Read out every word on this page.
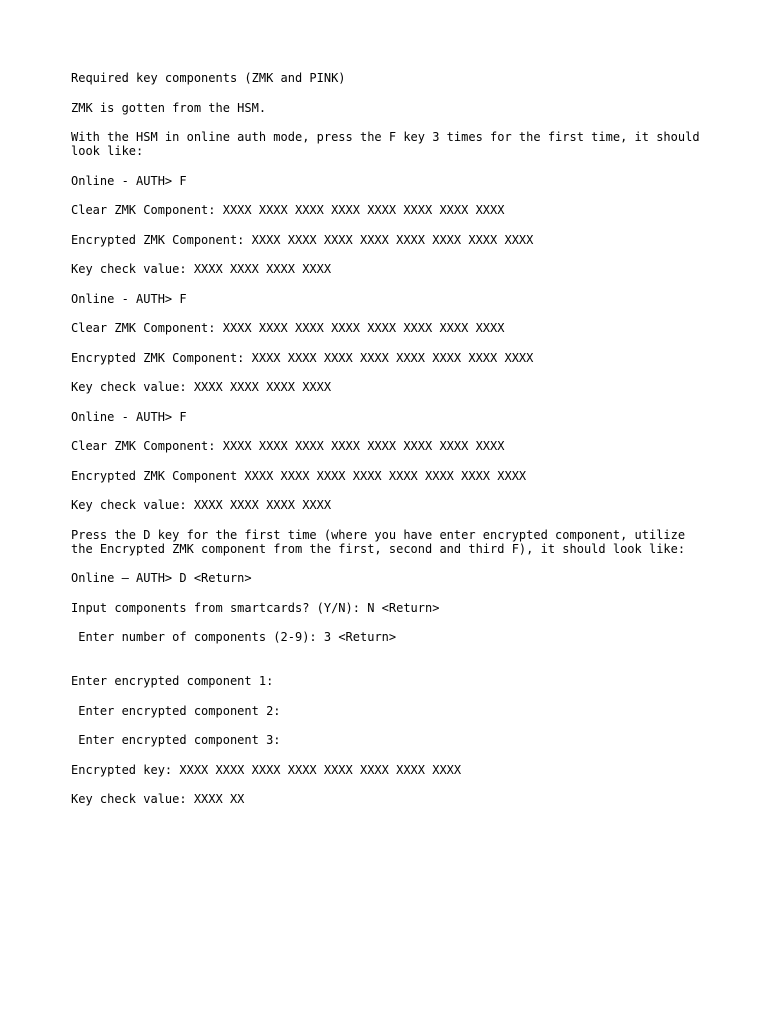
Required key components (ZMK and PINK)

ZMK is gotten from the HSM.

With the HSM in online auth mode, press the F key 3 times for the first time, it should look like:

Online - AUTH> F

Clear ZMK Component: XXXX XXXX XXXX XXXX XXXX XXXX XXXX XXXX

Encrypted ZMK Component: XXXX XXXX XXXX XXXX XXXX XXXX XXXX XXXX

Key check value: XXXX XXXX XXXX XXXX

Online - AUTH> F

Clear ZMK Component: XXXX XXXX XXXX XXXX XXXX XXXX XXXX XXXX

Encrypted ZMK Component: XXXX XXXX XXXX XXXX XXXX XXXX XXXX XXXX

Key check value: XXXX XXXX XXXX XXXX

Online - AUTH> F

Clear ZMK Component: XXXX XXXX XXXX XXXX XXXX XXXX XXXX XXXX

Encrypted ZMK Component XXXX XXXX XXXX XXXX XXXX XXXX XXXX XXXX

Key check value: XXXX XXXX XXXX XXXX

Press the D key for the first time (where you have enter encrypted component, utilize the Encrypted ZMK component from the first, second and third F), it should look like:

Online – AUTH> D <Return>

Input components from smartcards? (Y/N): N <Return>

Enter number of components (2-9): 3 <Return>

Enter encrypted component 1:

Enter encrypted component 2:

Enter encrypted component 3:

Encrypted key: XXXX XXXX XXXX XXXX XXXX XXXX XXXX XXXX

Key check value: XXXX XX
